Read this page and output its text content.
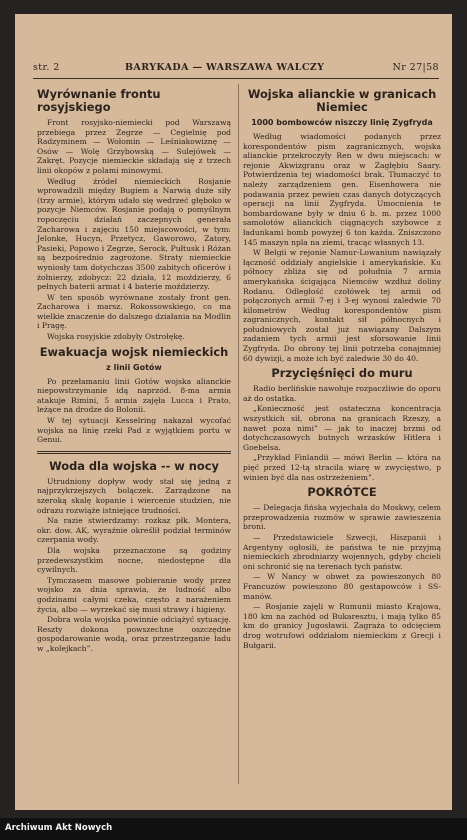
str. 2	BARYKADA — WARSZAWA WALCZY	Nr 27|58
Wyrównanie frontu rosyjskiego

Front rosyjsko-niemiecki pod Warszawą przebiega przez Zegrze — Cegielnię pod Radzyminem — Wołomin — Leśniakowiznę — Osów — Wolę Grzybowską — Sulejówek — Zakręt. Pozycje niemieckie składają się z trzech linii okopów z polami minowymi.

Według źródeł niemieckich Rosjanie wprowadzili między Bugiem a Narwią duże siły (trzy armie), którym udało się wedrzeć głęboko w pozycje Niemców. Rosjanie podają o pomyślnym ropoczęciu działań zaczepnych generała Zacharowa i zajęciu 150 miejscowości, w tym: Jelonke, Hucyn, Przetycz, Gaworowo, Zatory, Pasieki, Popowo i Zegrze, Serock, Pułtusk i Różan są bezpośrednio zagrożone. Straty niemieckie wyniosły tam dotychczas 3500 zabitych oficerów i żołnierzy, zdobycz: 22 działa, 12 moździerzy, 6 pełnych baterii armat i 4 baterie moździerzy.

W ten sposób wyrównane zostały front gen. Zacharowa i marsz. Rokossowskiego, co ma wielkie znaczenie do dalszego działania na Modlin i Pragę.

Wojska rosyjskie zdobyły Ostrołękę.

Ewakuacja wojsk niemieckich
z linii Gotów

Po przełamaniu linii Gotów wojska alianckie niepowstrzymanie idą naprzód. 8-ma armia atakuje Rimini, 5 armia zajęła Lucca i Prato, leżące na drodze do Bolonii.

W tej sytuacji Kesselring nakazał wycofać wojska na linię rzeki Pad z wyjątkiem portu w Genui.

Woda dla wojska -- w nocy

Utrudniony dopływ wody stał się jedną z najprzykrzejszych bolączek. Zarządzone na szeroką skalę kopanie i wiercenie studzien, nie odrazu rozwiąże istniejące trudności.

Na razie stwierdzamy: rozkaz płk. Montera, okr. dow. AK, wyraźnie określił podział terminów czerpania wody.

Dla wojska przeznaczone są godziny przedewszystkim nocne, niedostępne dla cywilnych.

Tymczasem masowe pobieranie wody przez wojsko za dnia sprawia, że ludność albo godzinami całymi czeka, często z narażeniem życia, albo — wyrzekać się musi strawy i higieny.

Dobra wola wojska powinnie odciążyć sytuację. Reszty dokona powszechne oszczędne gospodarowanie wodą, oraz przestrzeganie ładu w „kolejkach”.

Wojska alianckie w granicach Niemiec
1000 bombowców niszczy linię Zygfryda

Według wiadomości podanych przez korespondentów pism zagranicznych, wojska alianckie przekroczyły Ren w dwu miejscach: w rejonie Akwizgranu oraz w Zagłębiu Saary. Potwierdzenia tej wiadomości brak. Tłumaczyć to należy zarządzeniem gen. Eisenhowera nie podawania przez pewien czas danych dotyczących operacji na linii Zygfryda. Umocnienia te bombardowane były w dniu 6 b. m. przez 1000 samolotów alianckich ciągnących szybowce z ładunkami bomb powyżej 6 ton każda. Zniszczono 145 maszyn npla na ziemi, tracąc własnych 13.

W Belgii w rejonie Namur-Lowanium nawiązały łączność oddziały angielskie i amerykańskie. Ku północy zbliża się od południa 7 armia amerykańska ścigająca Niemców wzdłuż doliny Rodanu. Odległość czołówek tej armii od połączonych armii 7-ej i 3-ej wynosi zaledwie 70 kilometrów Według korespondentów pism zagranicznych, kontakt sił północnych i południowych został już nawiązany Dalszym zadaniem tych armii jest sforsowanie linii Zygfryda. Do obrony tej linii potrzeba conajmniej 60 dywizji, a może ich być zaledwie 30 do 40.

Przycięśnięci do muru

Radio berlińskie nawołuje rozpaczliwie do oporu aż do ostatka.

„Konieczność jest ostateczna koncentracja wszystkich sił, obrona na granicach Rzeszy, a nawet poza nimi” — jak to inaczej brzmi od dotychczasowych butnych wrzasków Hitlera i Goebelsa.

„Przykład Finlandii — mówi Berlin — która na pięć przed 12-tą stracila wiarę w zwycięstwo, p winien być dla nas ostrzeżeniem”.

POKRÓTCE

— Delegacja fińska wyjechała do Moskwy, celem przeprowadzenia rozmów w sprawie zawieszenia broni.

— Przedstawiciele Szwecji, Hiszpanii i Argentyny ogłosili, że państwa te nie przyjmą niemieckich zbrodniarzy wojennych, gdyby chcieli oni schronić się na terenach tych państw.

— W Nancy w obwet za powieszonych 80 Francuzów powieszono 80 gestapowców i SS-manów.

— Rosjanie zajęli w Rumunii miasto Krajowa, 180 km na zachód od Bukaresztu, i mają tylko 85 km do granicy Jugosławii. Zagraża to odcięciem drog wotrufowi oddziałom niemieckim z Grecji i Bułgarii.

Archiwum Akt Nowych
